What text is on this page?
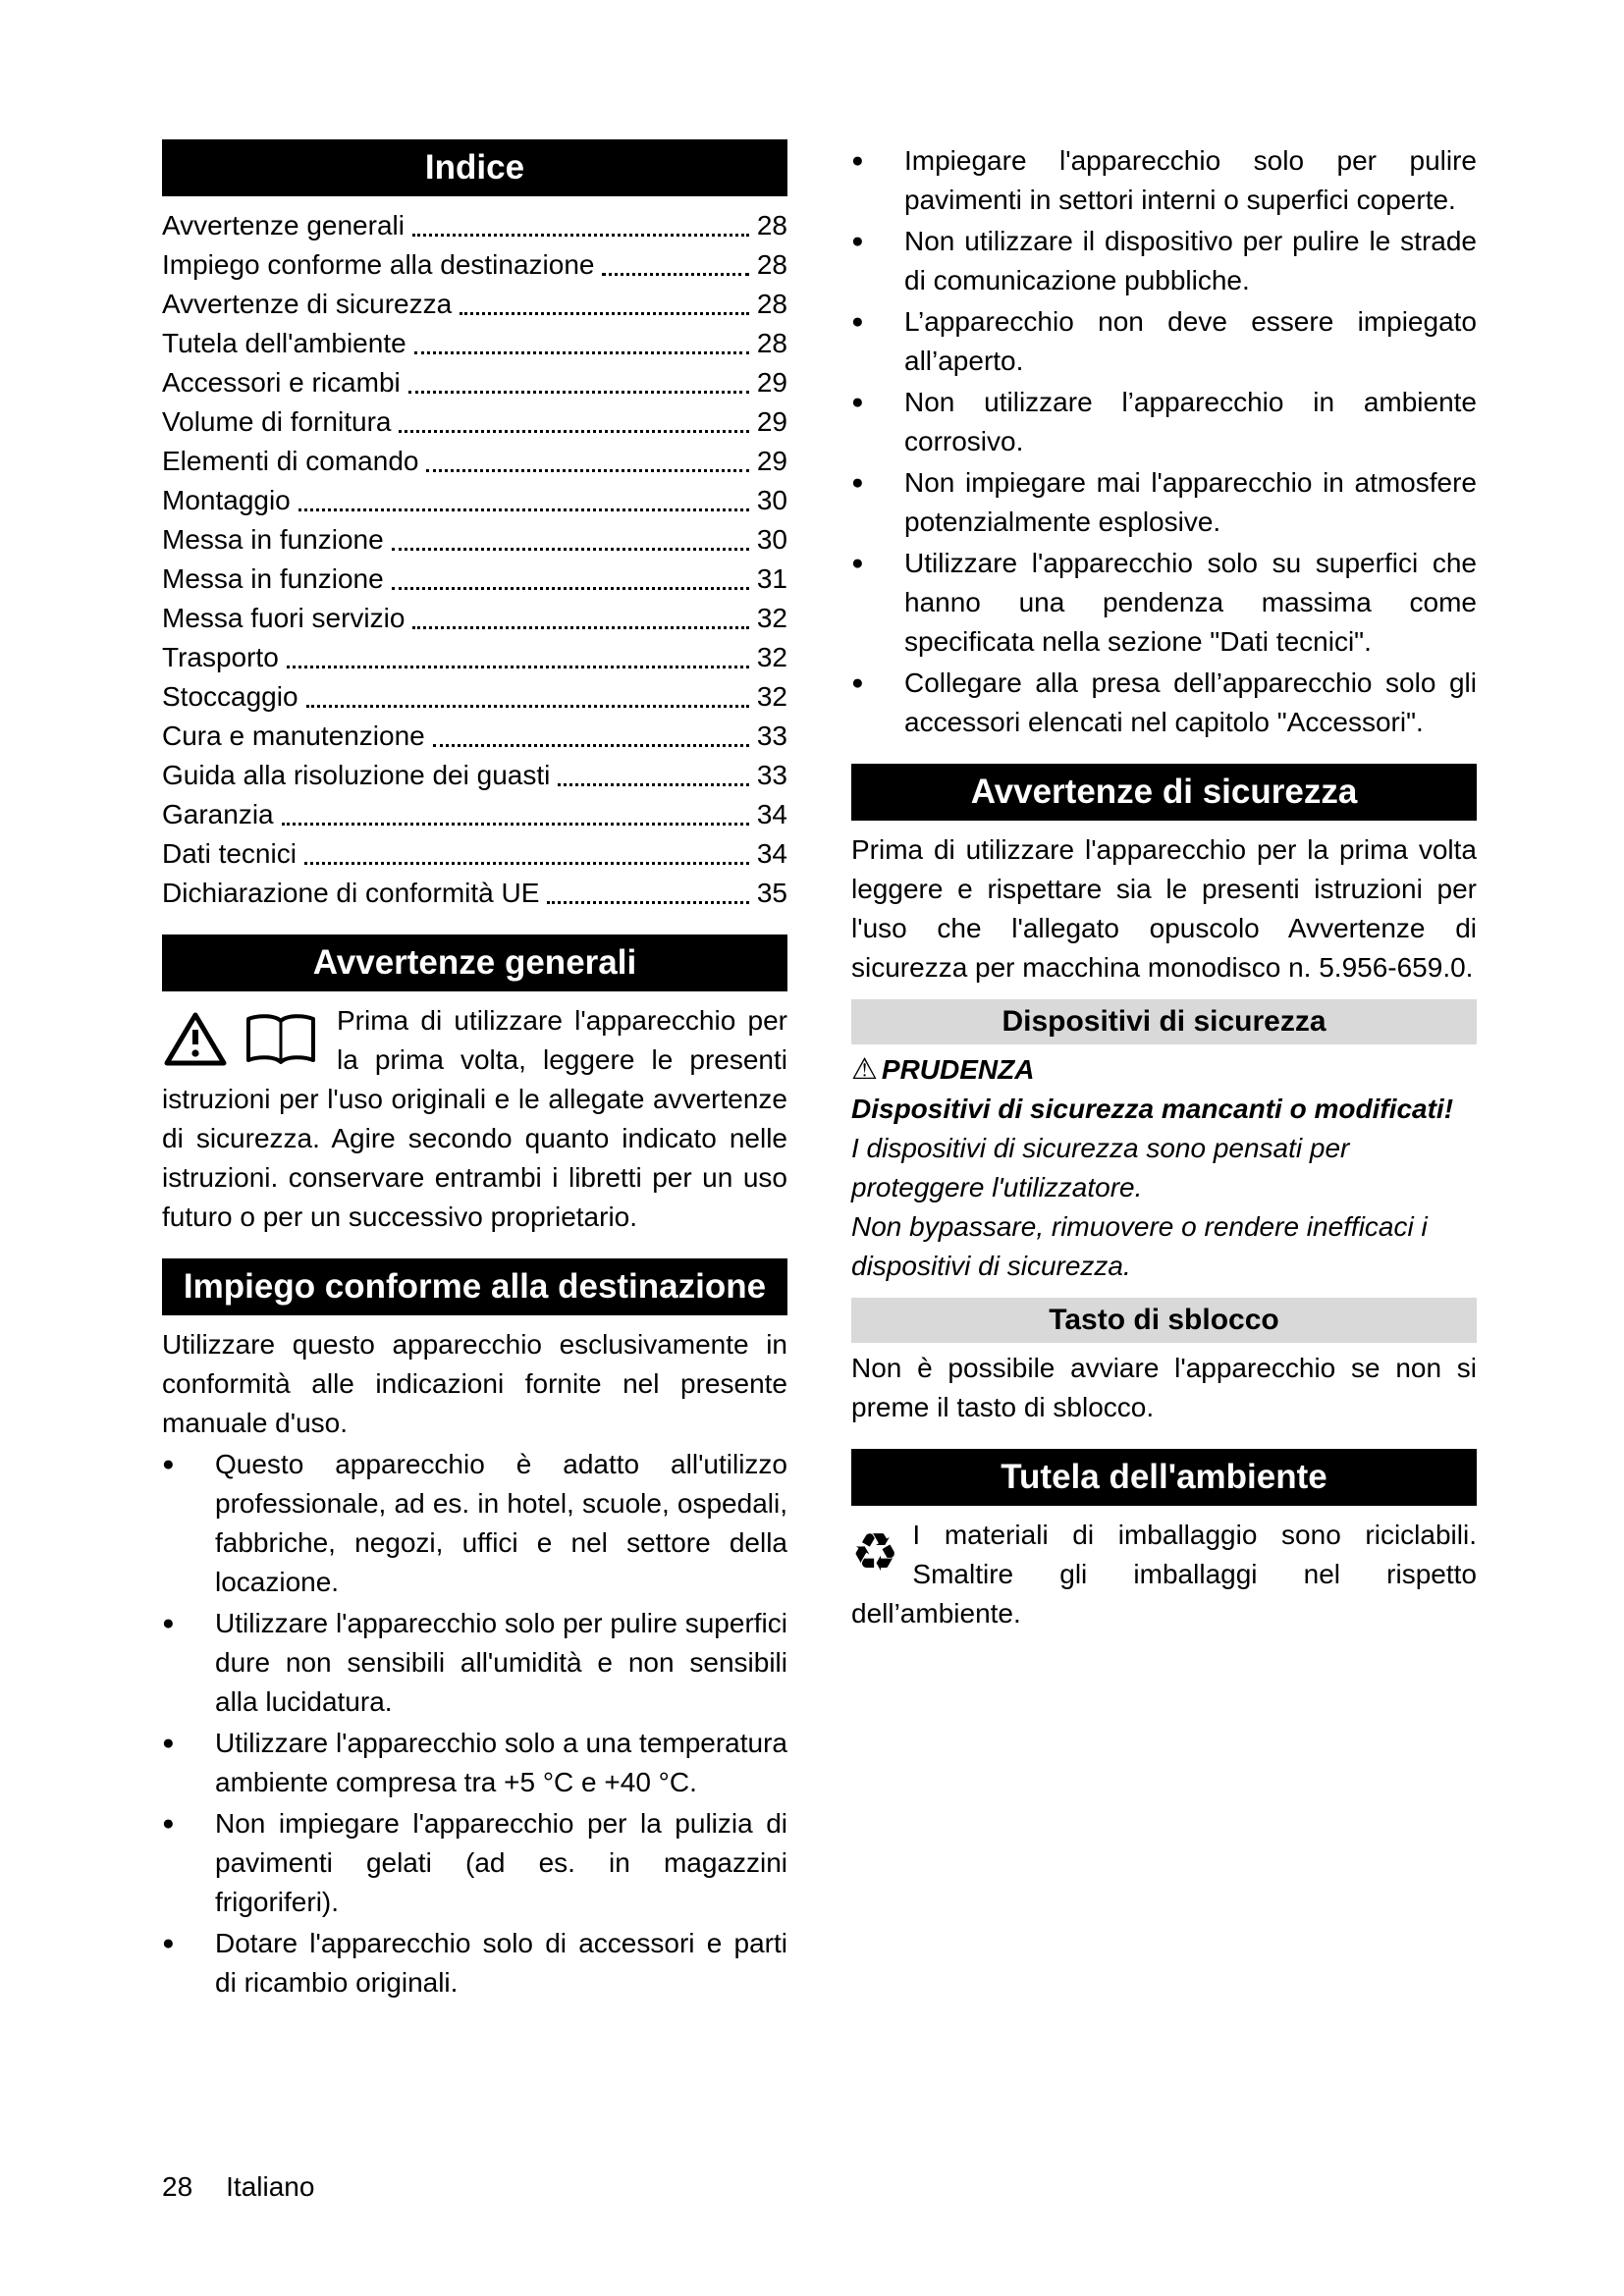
Indice
Avvertenze generali	28
Impiego conforme alla destinazione	28
Avvertenze di sicurezza	28
Tutela dell'ambiente	28
Accessori e ricambi	29
Volume di fornitura	29
Elementi di comando	29
Montaggio	30
Messa in funzione	30
Messa in funzione	31
Messa fuori servizio	32
Trasporto	32
Stoccaggio	32
Cura e manutenzione	33
Guida alla risoluzione dei guasti	33
Garanzia	34
Dati tecnici	34
Dichiarazione di conformità UE	35
Avvertenze generali
Prima di utilizzare l'apparecchio per la prima volta, leggere le presenti istruzioni per l'uso originali e le allegate avvertenze di sicurezza. Agire secondo quanto indicato nelle istruzioni. conservare entrambi i libretti per un uso futuro o per un successivo proprietario.
Impiego conforme alla destinazione
Utilizzare questo apparecchio esclusivamente in conformità alle indicazioni fornite nel presente manuale d'uso.
●	Questo apparecchio è adatto all'utilizzo professionale, ad es. in hotel, scuole, ospedali, fabbriche, negozi, uffici e nel settore della locazione.
●	Utilizzare l'apparecchio solo per pulire superfici dure non sensibili all'umidità e non sensibili alla lucidatura.
●	Utilizzare l'apparecchio solo a una temperatura ambiente compresa tra +5 °C e +40 °C.
●	Non impiegare l'apparecchio per la pulizia di pavimenti gelati (ad es. in magazzini frigoriferi).
●	Dotare l'apparecchio solo di accessori e parti di ricambio originali.
●	Impiegare l'apparecchio solo per pulire pavimenti in settori interni o superfici coperte.
●	Non utilizzare il dispositivo per pulire le strade di comunicazione pubbliche.
●	L’apparecchio non deve essere impiegato all’aperto.
●	Non utilizzare l’apparecchio in ambiente corrosivo.
●	Non impiegare mai l'apparecchio in atmosfere potenzialmente esplosive.
●	Utilizzare l'apparecchio solo su superfici che hanno una pendenza massima come specificata nella sezione "Dati tecnici".
●	Collegare alla presa dell’apparecchio solo gli accessori elencati nel capitolo "Accessori".
Avvertenze di sicurezza
Prima di utilizzare l'apparecchio per la prima volta leggere e rispettare sia le presenti istruzioni per l'uso che l'allegato opuscolo Avvertenze di sicurezza per macchina monodisco n. 5.956-659.0.
Dispositivi di sicurezza
⚠ PRUDENZA
Dispositivi di sicurezza mancanti o modificati!
I dispositivi di sicurezza sono pensati per proteggere l'utilizzatore.
Non bypassare, rimuovere o rendere inefficaci i dispositivi di sicurezza.
Tasto di sblocco
Non è possibile avviare l'apparecchio se non si preme il tasto di sblocco.
Tutela dell'ambiente
♻ I materiali di imballaggio sono riciclabili. Smaltire gli imballaggi nel rispetto dell’ambiente.
28 Italiano
